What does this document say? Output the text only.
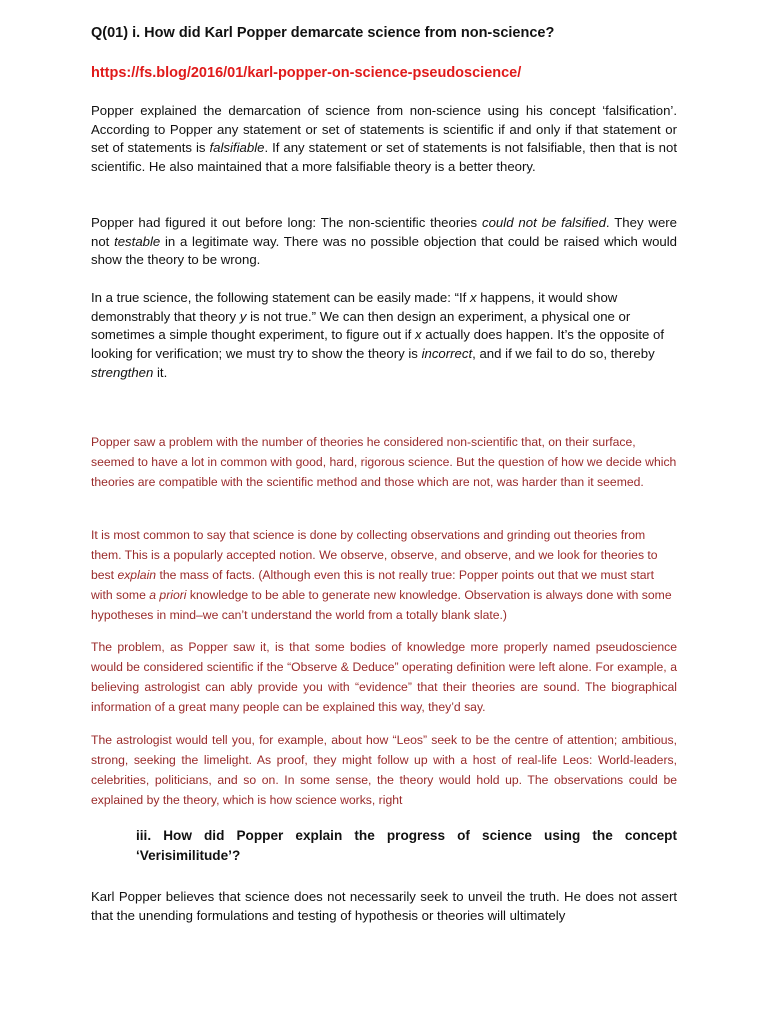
Q(01) i. How did Karl Popper demarcate science from non-science?

https://fs.blog/2016/01/karl-popper-on-science-pseudoscience/

Popper explained the demarcation of science from non-science using his concept ‘falsification’. According to Popper any statement or set of statements is scientific if and only if that statement or set of statements is falsifiable. If any statement or set of statements is not falsifiable, then that is not scientific. He also maintained that a more falsifiable theory is a better theory.

Popper had figured it out before long: The non-scientific theories could not be falsified. They were not testable in a legitimate way. There was no possible objection that could be raised which would show the theory to be wrong.

In a true science, the following statement can be easily made: “If x happens, it would show demonstrably that theory y is not true.” We can then design an experiment, a physical one or sometimes a simple thought experiment, to figure out if x actually does happen. It’s the opposite of looking for verification; we must try to show the theory is incorrect, and if we fail to do so, thereby strengthen it.

Popper saw a problem with the number of theories he considered non-scientific that, on their surface, seemed to have a lot in common with good, hard, rigorous science. But the question of how we decide which theories are compatible with the scientific method and those which are not, was harder than it seemed.

It is most common to say that science is done by collecting observations and grinding out theories from them. This is a popularly accepted notion. We observe, observe, and observe, and we look for theories to best explain the mass of facts. (Although even this is not really true: Popper points out that we must start with some a priori knowledge to be able to generate new knowledge. Observation is always done with some hypotheses in mind–we can’t understand the world from a totally blank slate.)

The problem, as Popper saw it, is that some bodies of knowledge more properly named pseudoscience would be considered scientific if the “Observe & Deduce” operating definition were left alone. For example, a believing astrologist can ably provide you with “evidence” that their theories are sound. The biographical information of a great many people can be explained this way, they’d say.

The astrologist would tell you, for example, about how “Leos” seek to be the centre of attention; ambitious, strong, seeking the limelight. As proof, they might follow up with a host of real-life Leos: World-leaders, celebrities, politicians, and so on. In some sense, the theory would hold up. The observations could be explained by the theory, which is how science works, right

iii. How did Popper explain the progress of science using the concept ‘Verisimilitude’?

Karl Popper believes that science does not necessarily seek to unveil the truth. He does not assert that the unending formulations and testing of hypothesis or theories will ultimately
